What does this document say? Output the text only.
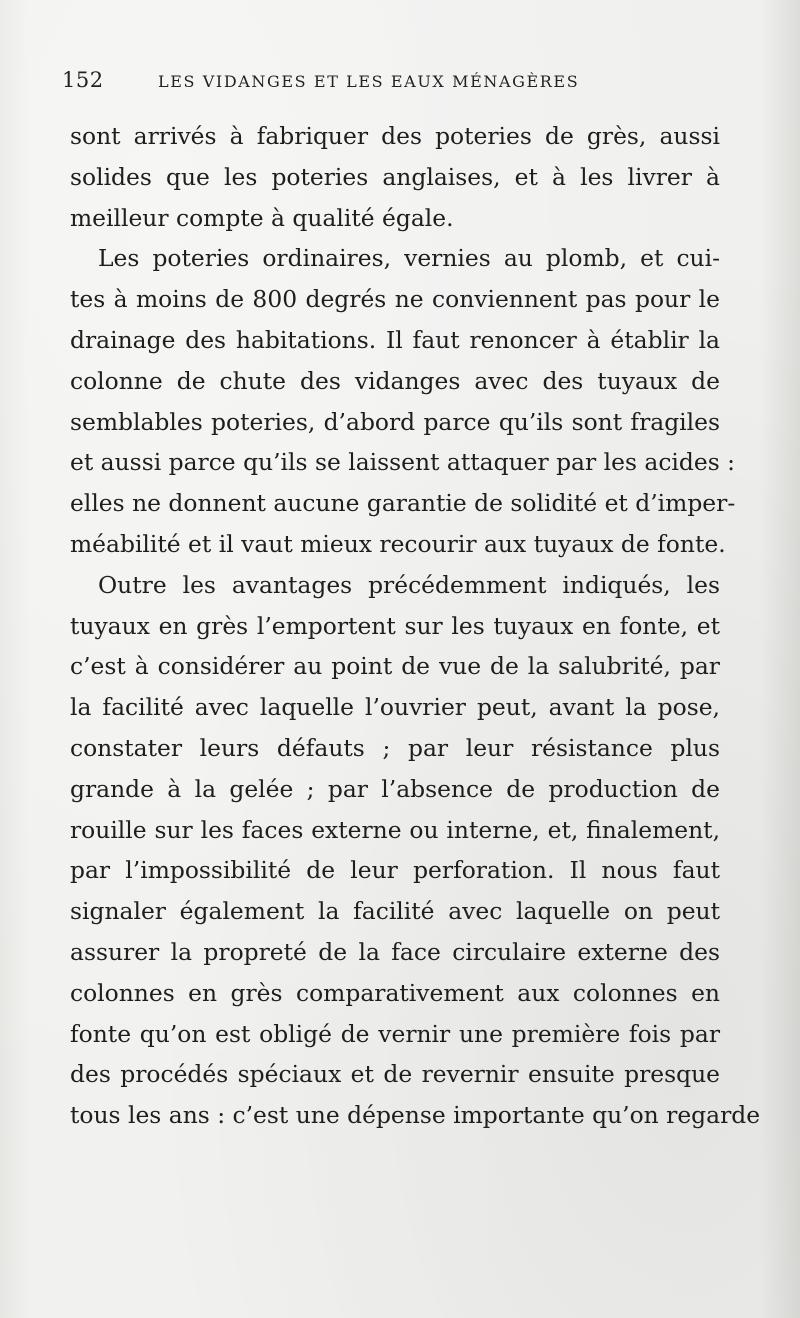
152	LES VIDANGES ET LES EAUX MÉNAGÈRES
sont arrivés à fabriquer des poteries de grès, aussi
solides que les poteries anglaises, et à les livrer à
meilleur compte à qualité égale.
Les poteries ordinaires, vernies au plomb, et cui-
tes à moins de 800 degrés ne conviennent pas pour le
drainage des habitations. Il faut renoncer à établir la
colonne de chute des vidanges avec des tuyaux de
semblables poteries, d’abord parce qu’ils sont fragiles
et aussi parce qu’ils se laissent attaquer par les acides :
elles ne donnent aucune garantie de solidité et d’imper-
méabilité et il vaut mieux recourir aux tuyaux de fonte.
Outre les avantages précédemment indiqués, les
tuyaux en grès l’emportent sur les tuyaux en fonte, et
c’est à considérer au point de vue de la salubrité, par
la facilité avec laquelle l’ouvrier peut, avant la pose,
constater leurs défauts ; par leur résistance plus
grande à la gelée ; par l’absence de production de
rouille sur les faces externe ou interne, et, finalement,
par l’impossibilité de leur perforation. Il nous faut
signaler également la facilité avec laquelle on peut
assurer la propreté de la face circulaire externe des
colonnes en grès comparativement aux colonnes en
fonte qu’on est obligé de vernir une première fois par
des procédés spéciaux et de revernir ensuite presque
tous les ans : c’est une dépense importante qu’on regarde
